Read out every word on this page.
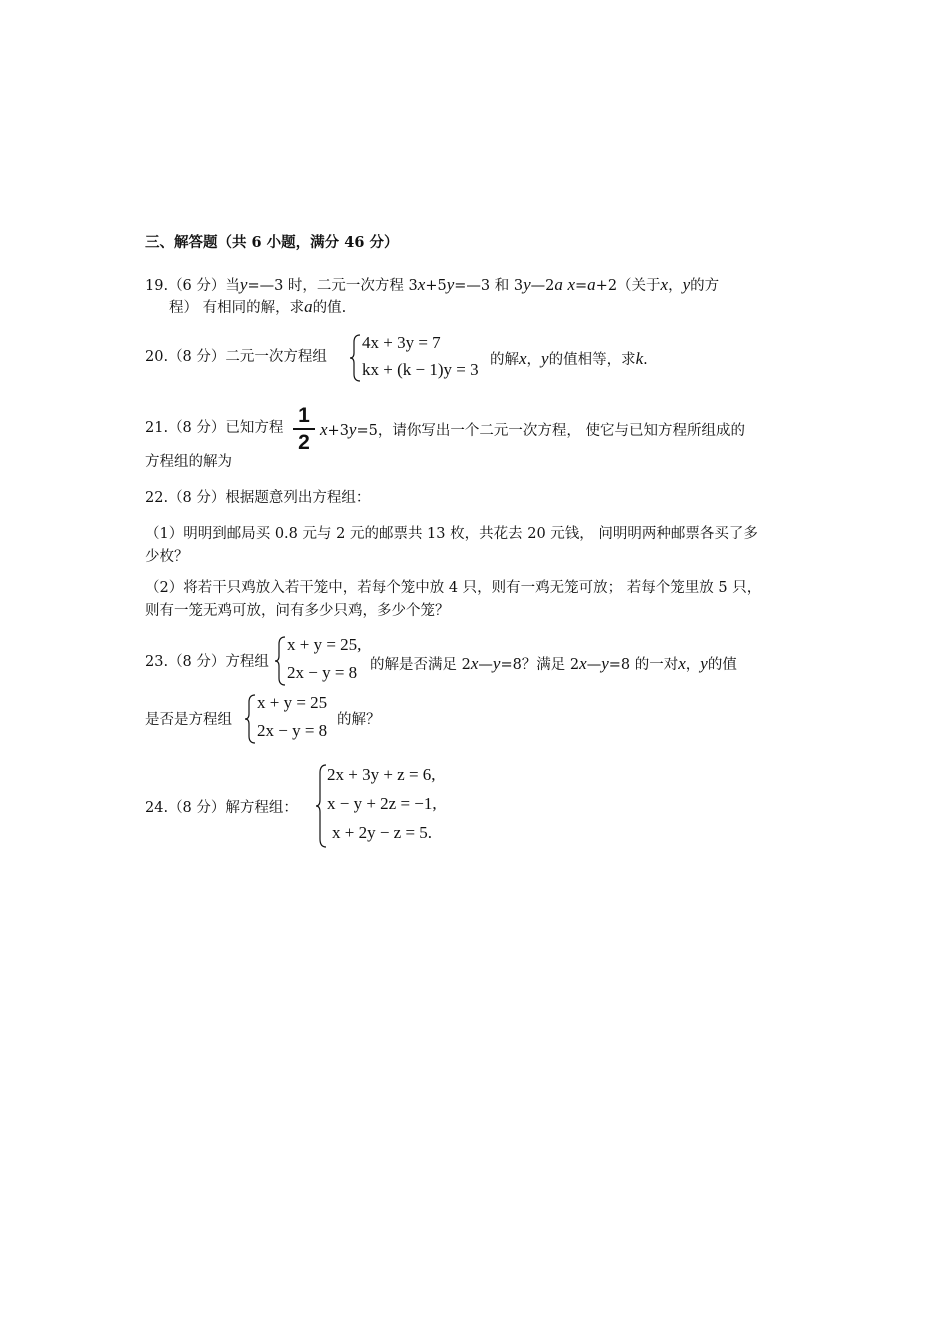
三、解答题（共 6 小题，满分 46 分）
19.（6 分）当y=—3 时，二元一次方程 3x+5y=—3 和 3y—2a x=a+2（关于x，y的方
程） 有相同的解，求a的值.
20.（8 分）二元一次方程组
4x + 3y = 7
kx + (k − 1)y = 3 的解x，y的值相等，求k.
21.（8 分）已知方程
1
2
x+3y=5，请你写出一个二元一次方程， 使它与已知方程所组成的
方程组的解为
22.（8 分）根据题意列出方程组：
（1）明明到邮局买 0.8 元与 2 元的邮票共 13 枚，共花去 20 元钱， 问明明两种邮票各买了多
少枚？
（2）将若干只鸡放入若干笼中，若每个笼中放 4 只，则有一鸡无笼可放； 若每个笼里放 5 只，
则有一笼无鸡可放，问有多少只鸡，多少个笼？
23.（8 分）方程组
x + y = 25,
2x − y = 8 的解是否满足 2x—y=8？满足 2x—y=8 的一对x，y的值
是否是方程组
x + y = 25
2x − y = 8
的解？
24.（8 分）解方程组：
2x + 3y + z = 6,
x − y + 2z = −1,
x + 2y − z = 5.
